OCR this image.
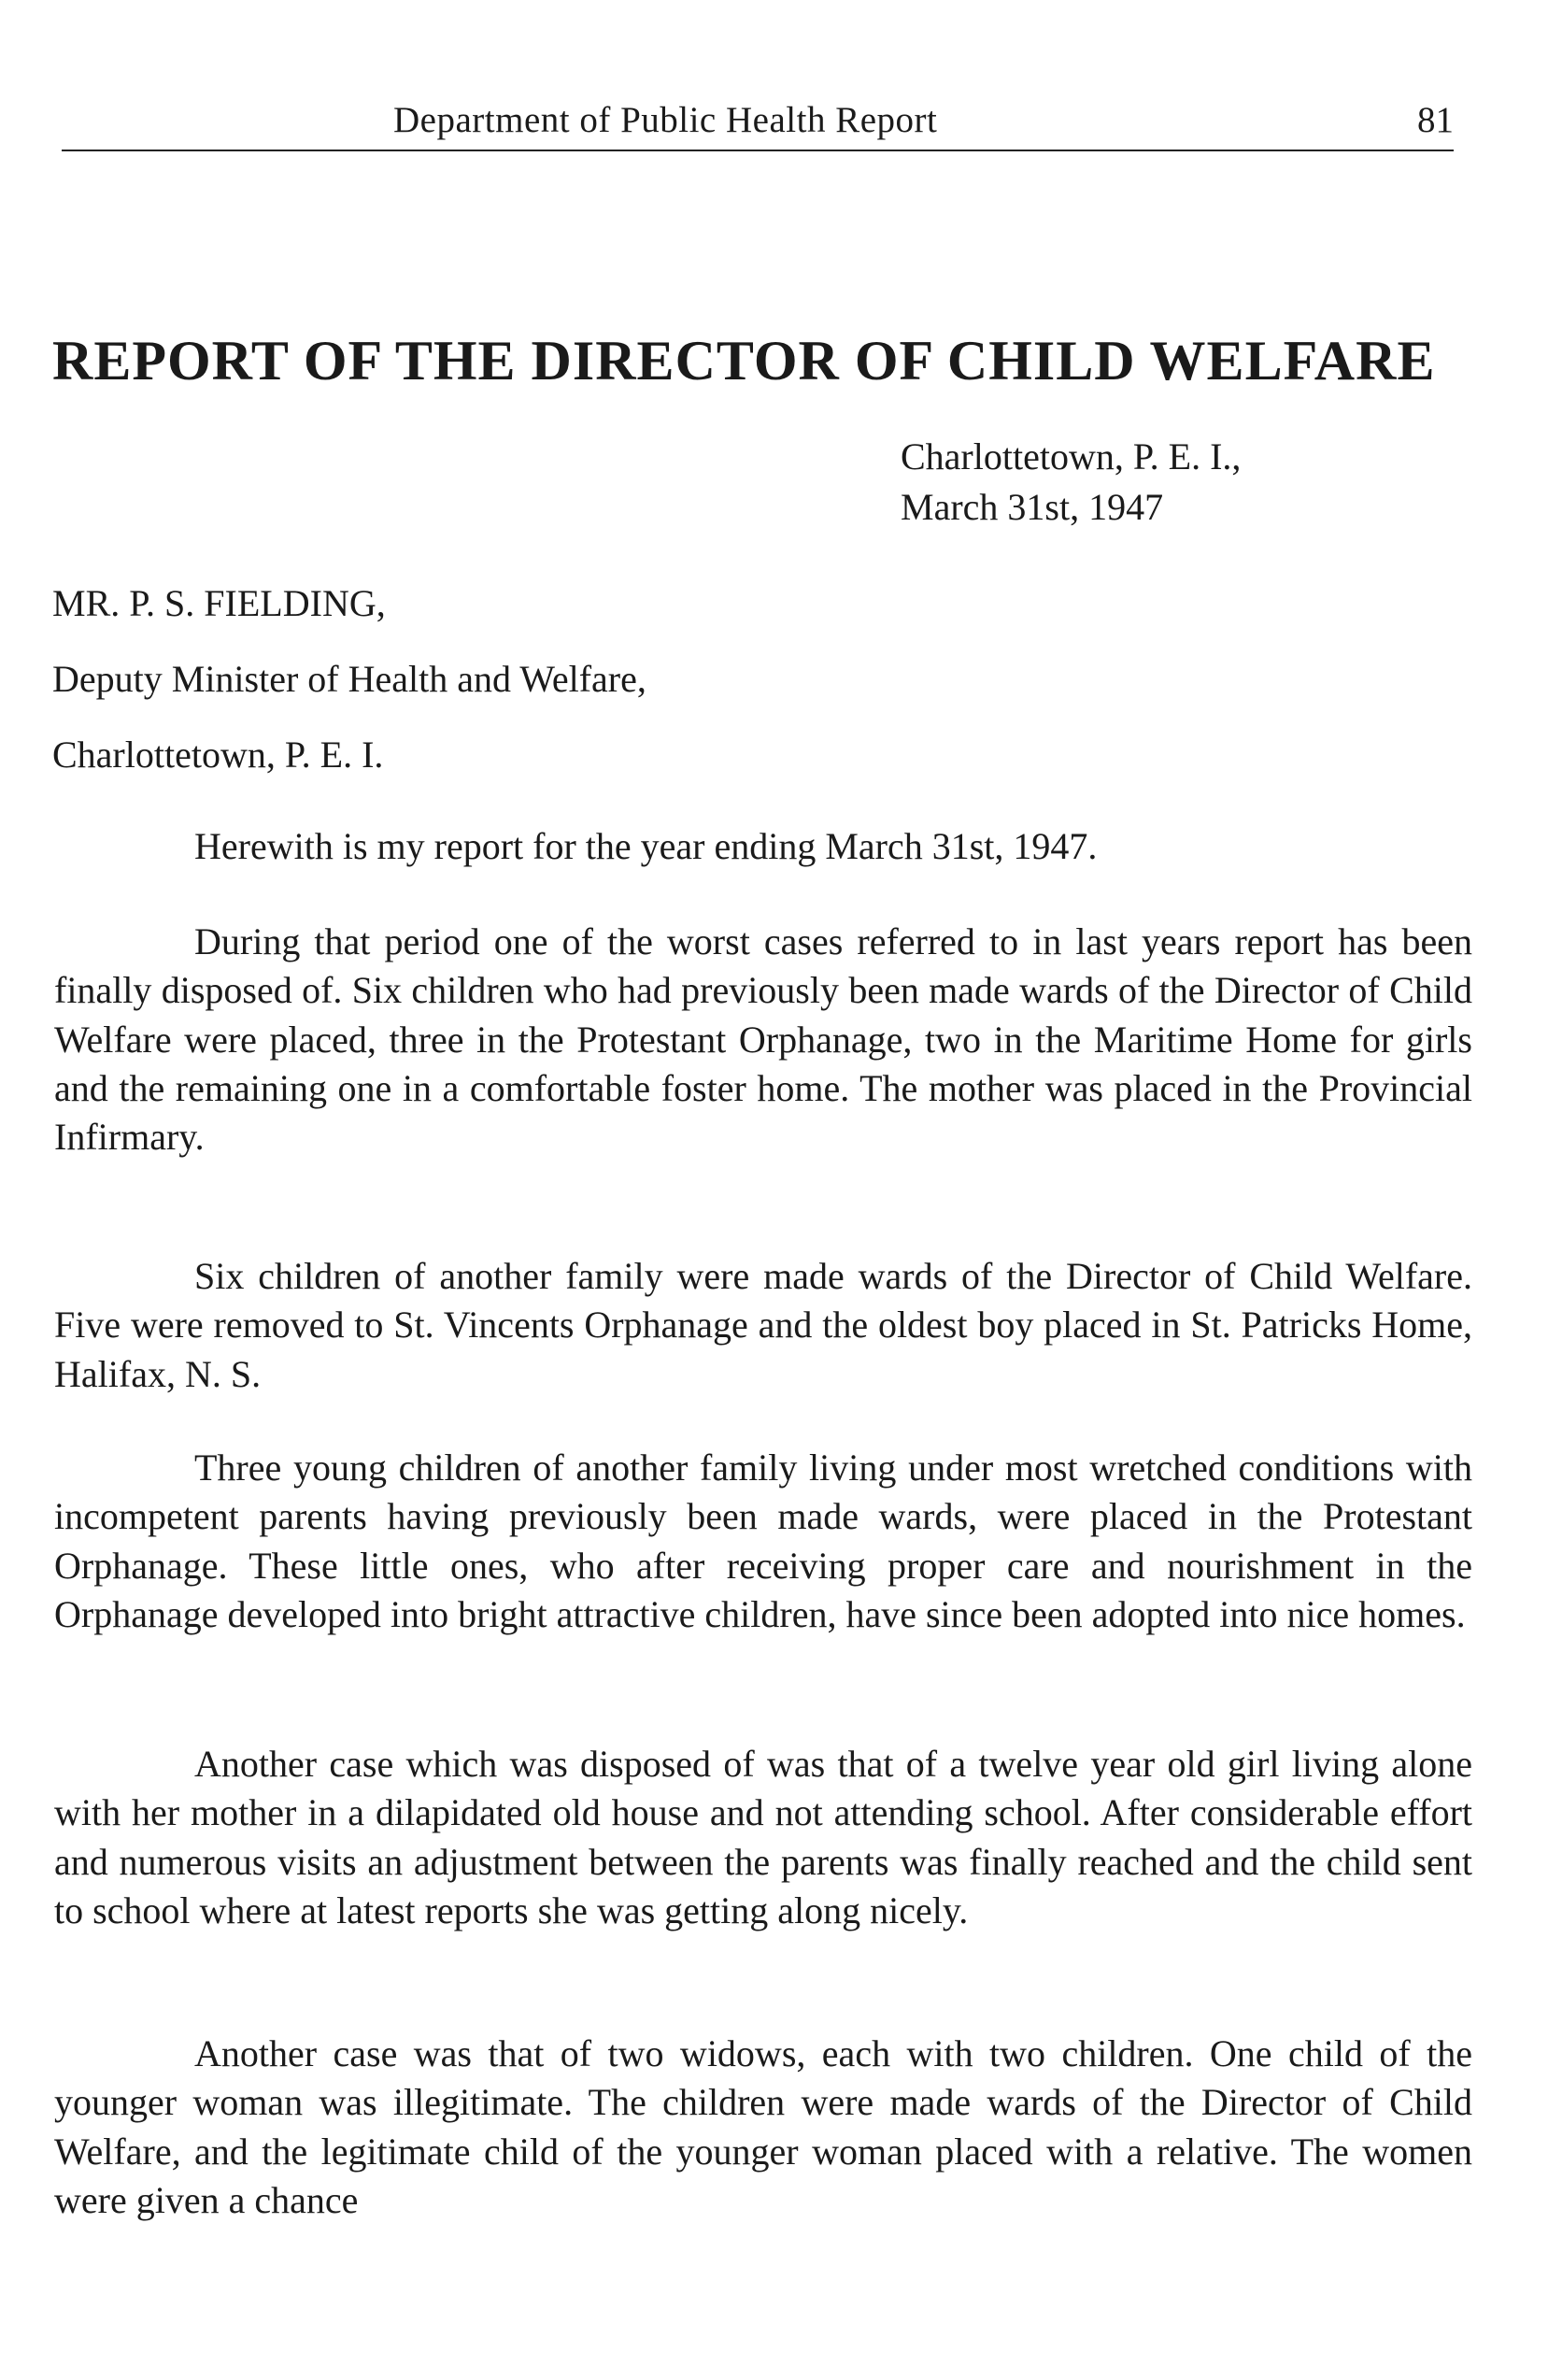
Department of Public Health Report	81
REPORT OF THE DIRECTOR OF CHILD WELFARE
Charlottetown, P. E. I.,
March 31st, 1947
MR. P. S. FIELDING,
Deputy Minister of Health and Welfare,
Charlottetown, P. E. I.

Herewith is my report for the year ending March 31st, 1947.

During that period one of the worst cases referred to in last years report has been finally disposed of. Six children who had previously been made wards of the Director of Child Welfare were placed, three in the Protestant Orphanage, two in the Maritime Home for girls and the remaining one in a comfortable foster home. The mother was placed in the Provincial Infirmary.

Six children of another family were made wards of the Director of Child Welfare. Five were removed to St. Vincents Orphanage and the oldest boy placed in St. Patricks Home, Halifax, N. S.

Three young children of another family living under most wretched conditions with incompetent parents having previously been made wards, were placed in the Protestant Orphanage. These little ones, who after receiving proper care and nourishment in the Orphanage developed into bright attractive children, have since been adopted into nice homes.

Another case which was disposed of was that of a twelve year old girl living alone with her mother in a dilapidated old house and not attending school. After considerable effort and numerous visits an adjustment between the parents was finally reached and the child sent to school where at latest reports she was getting along nicely.

Another case was that of two widows, each with two children. One child of the younger woman was illegitimate. The children were made wards of the Director of Child Welfare, and the legitimate child of the younger woman placed with a relative. The women were given a chance
